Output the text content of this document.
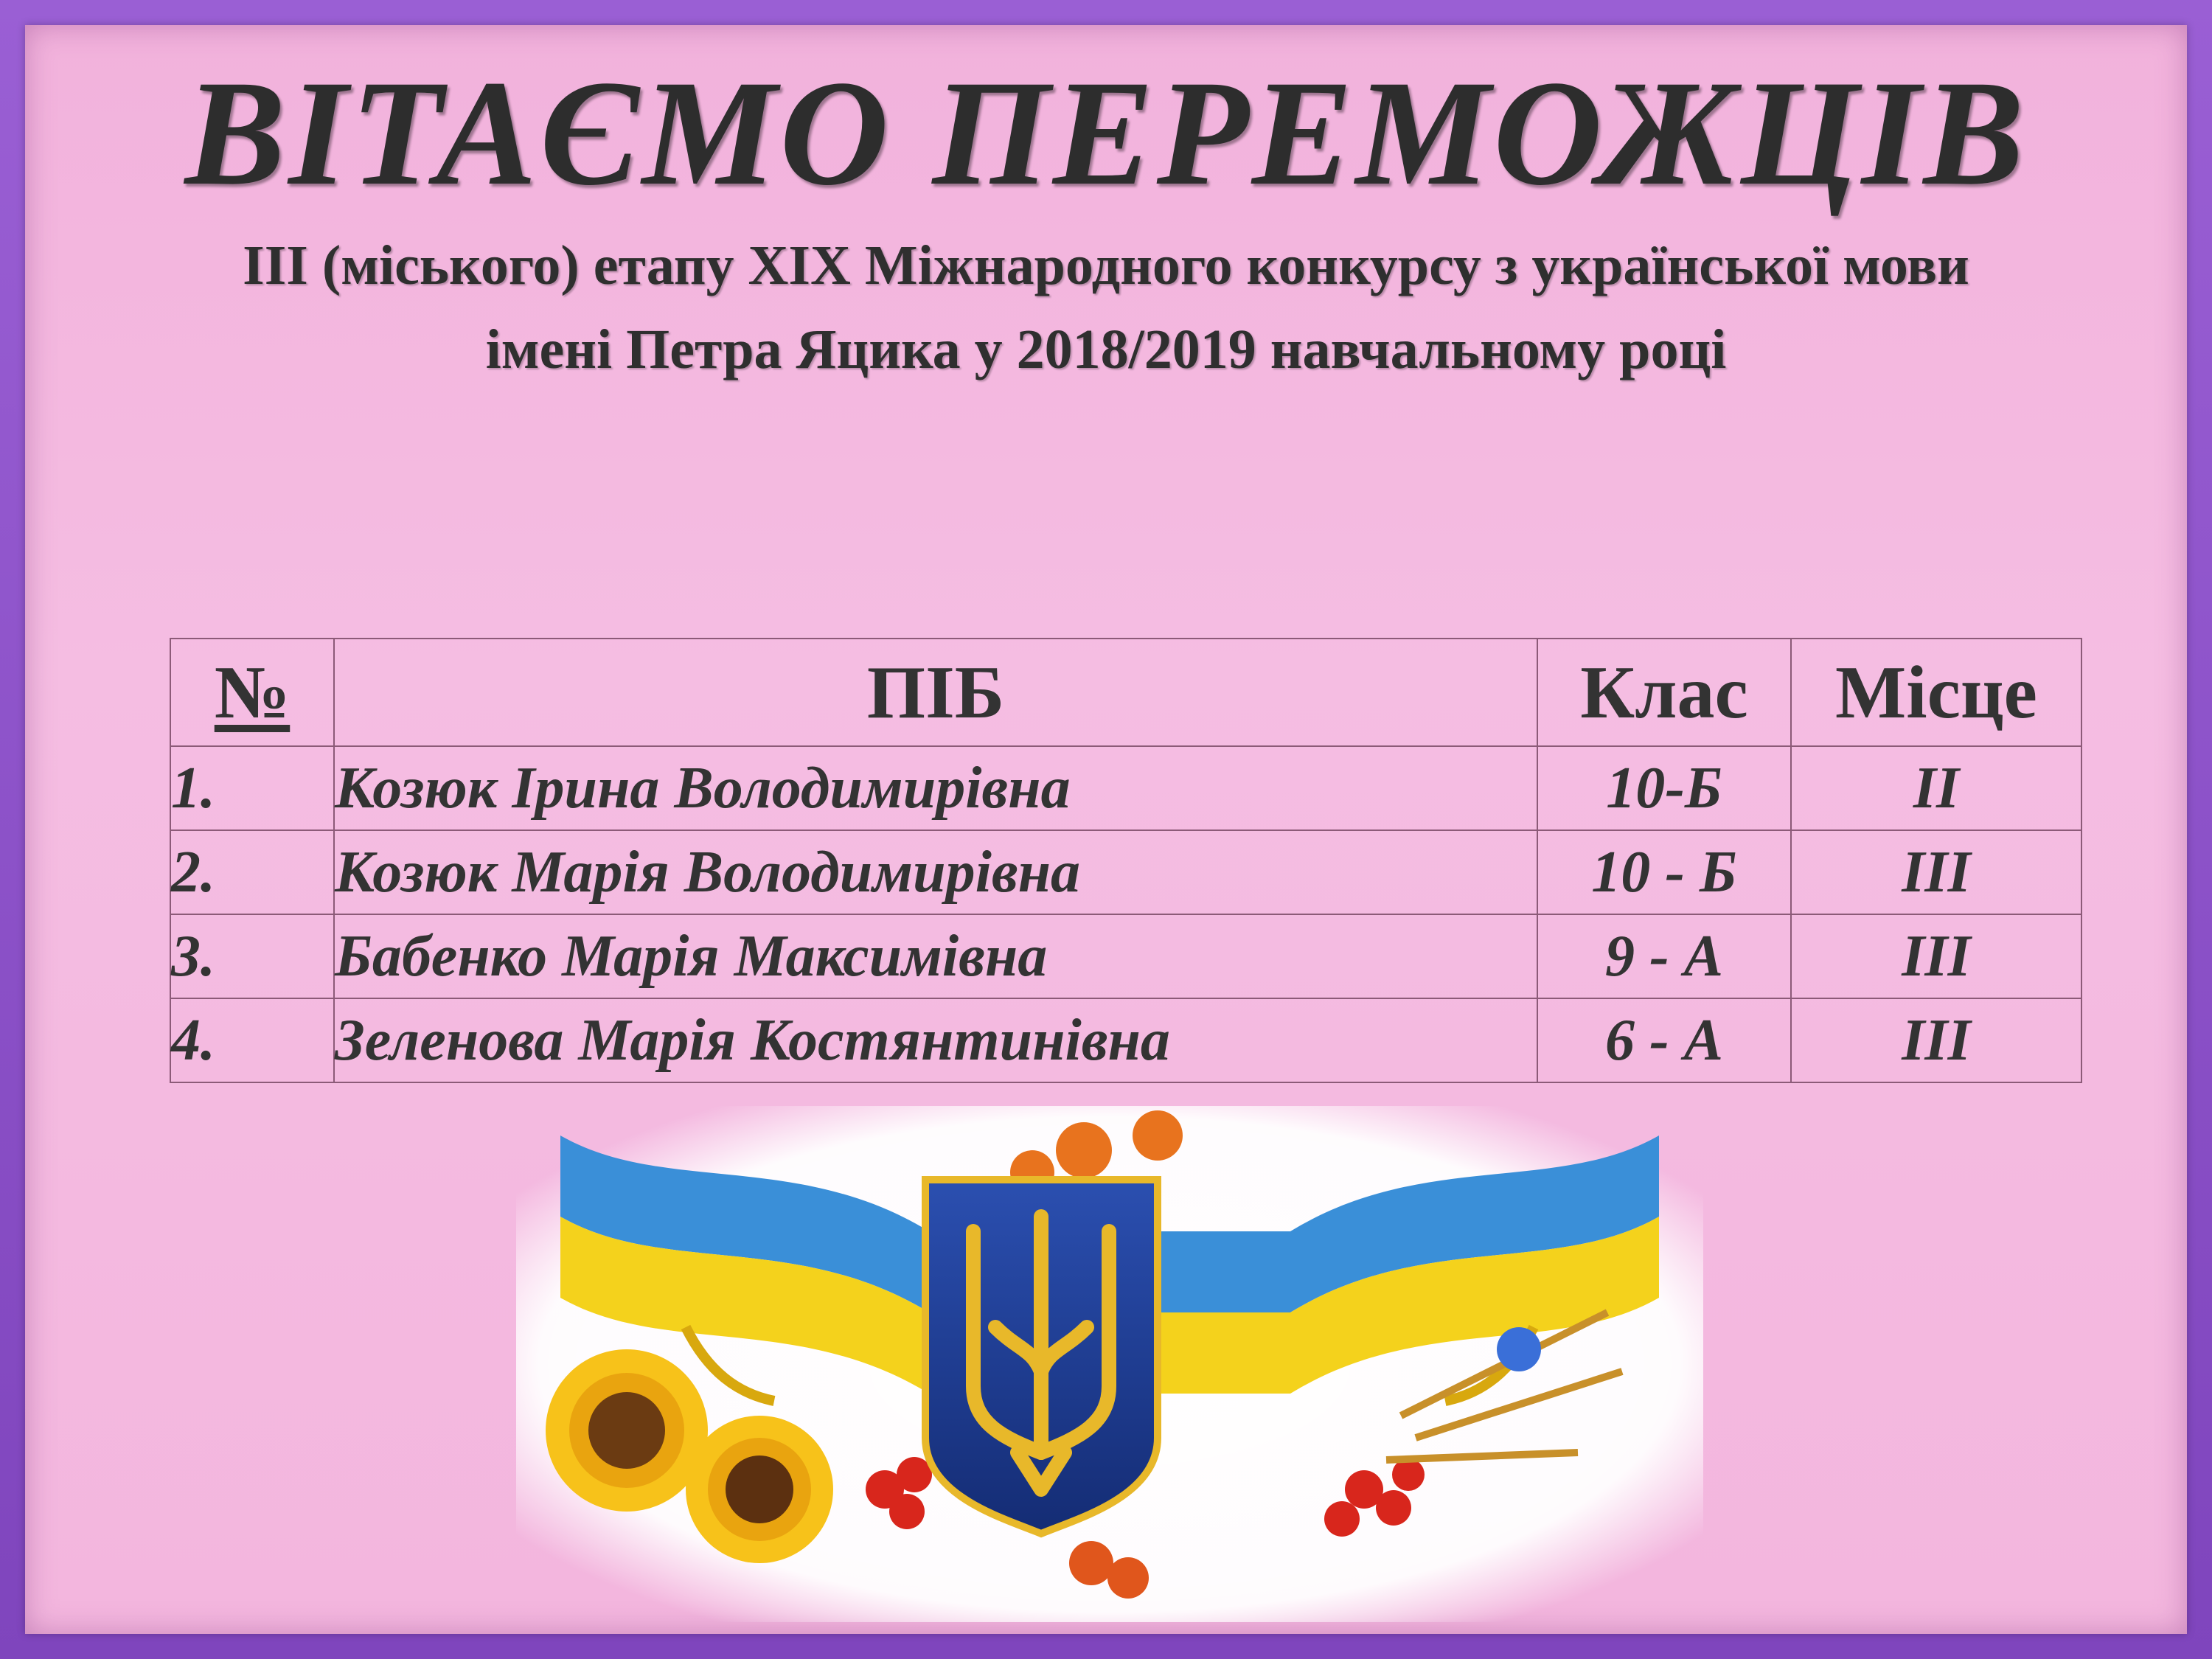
ВІТАЄМО ПЕРЕМОЖЦІВ
ІІІ (міського) етапу XIX Міжнародного конкурсу з української мови
імені Петра Яцика у 2018/2019 навчальному році
№	ПІБ	Клас	Місце
1.	Козюк Ірина Володимирівна	10-Б	ІІ
2.	Козюк Марія Володимирівна	10 - Б	ІІІ
3.	Бабенко Марія Максимівна	9 - А	ІІІ
4.	Зеленова Марія Костянтинівна	6 - А	ІІІ
